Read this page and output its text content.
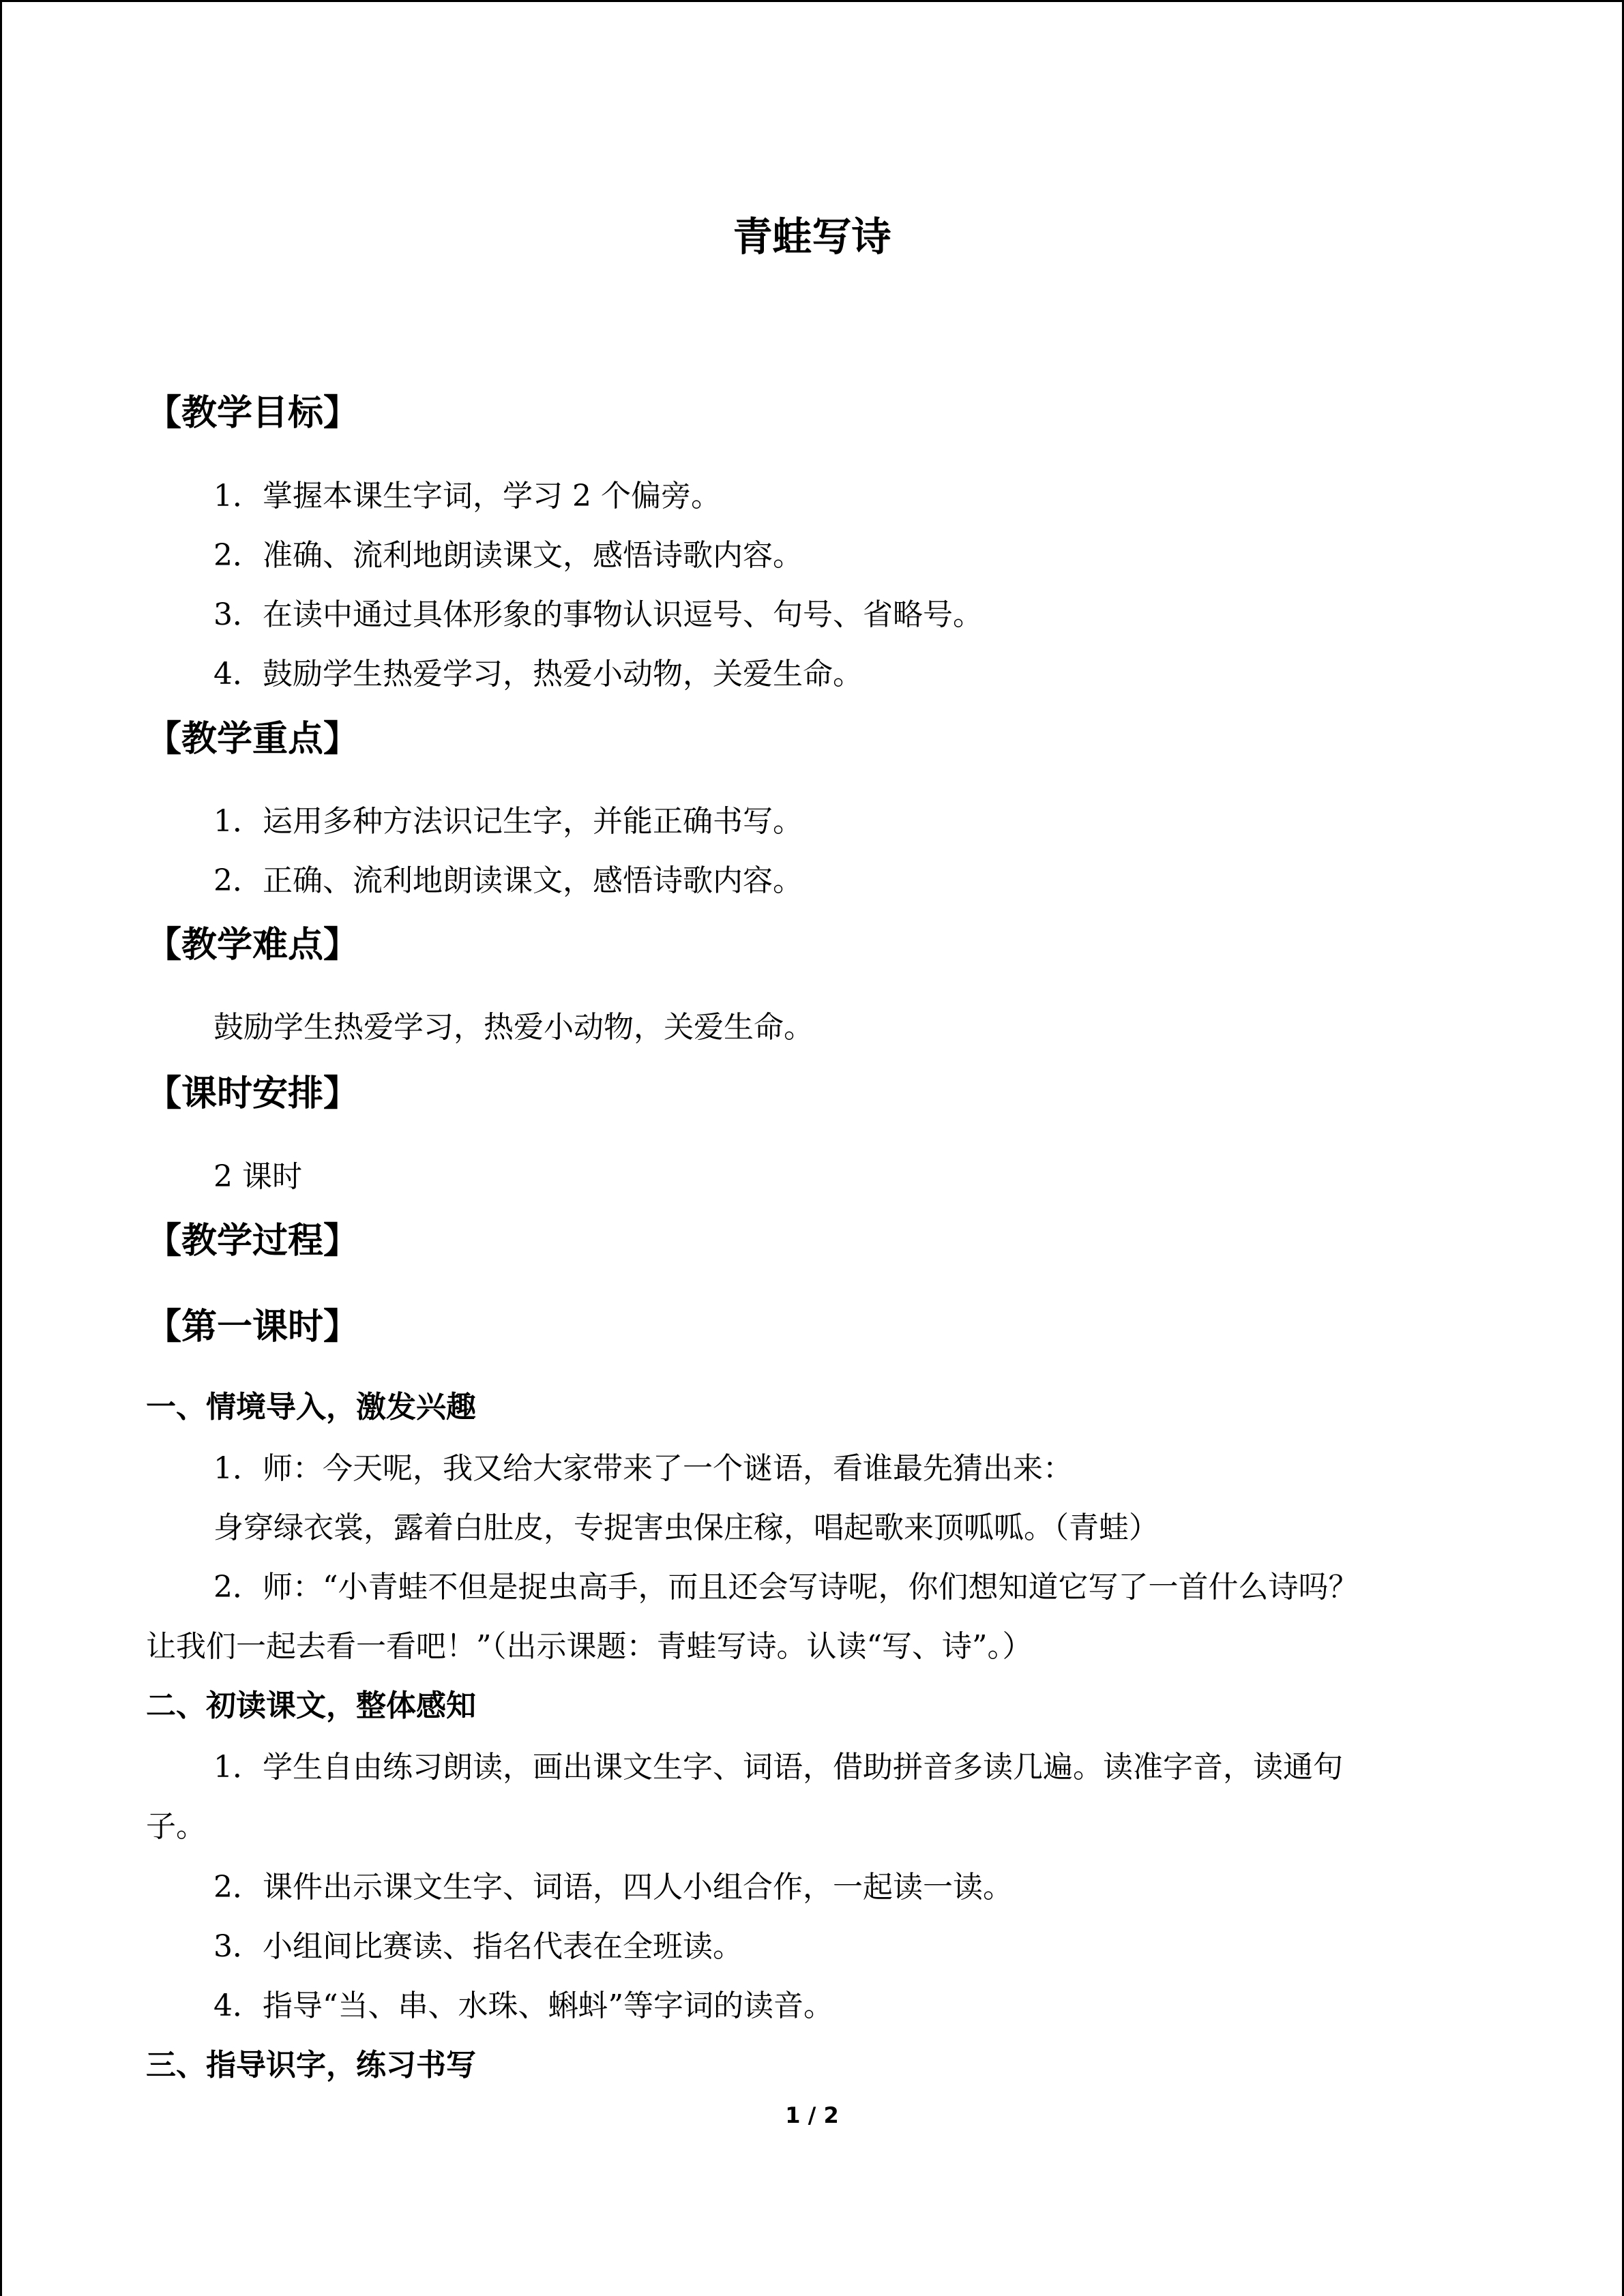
青蛙写诗
【教学目标】
1．掌握本课生字词，学习 2 个偏旁。
2．准确、流利地朗读课文，感悟诗歌内容。
3．在读中通过具体形象的事物认识逗号、句号、省略号。
4．鼓励学生热爱学习，热爱小动物，关爱生命。
【教学重点】
1．运用多种方法识记生字，并能正确书写。
2．正确、流利地朗读课文，感悟诗歌内容。
【教学难点】
鼓励学生热爱学习，热爱小动物，关爱生命。
【课时安排】
2 课时
【教学过程】
【第一课时】
一、情境导入，激发兴趣
1．师：今天呢，我又给大家带来了一个谜语，看谁最先猜出来：
身穿绿衣裳，露着白肚皮，专捉害虫保庄稼，唱起歌来顶呱呱。（青蛙）
2．师：“小青蛙不但是捉虫高手，而且还会写诗呢，你们想知道它写了一首什么诗吗？
让我们一起去看一看吧！”（出示课题：青蛙写诗。认读“写、诗”。）
二、初读课文，整体感知
1．学生自由练习朗读，画出课文生字、词语，借助拼音多读几遍。读准字音，读通句
子。
2．课件出示课文生字、词语，四人小组合作，一起读一读。
3．小组间比赛读、指名代表在全班读。
4．指导“当、串、水珠、蝌蚪”等字词的读音。
三、指导识字，练习书写
1 / 2
